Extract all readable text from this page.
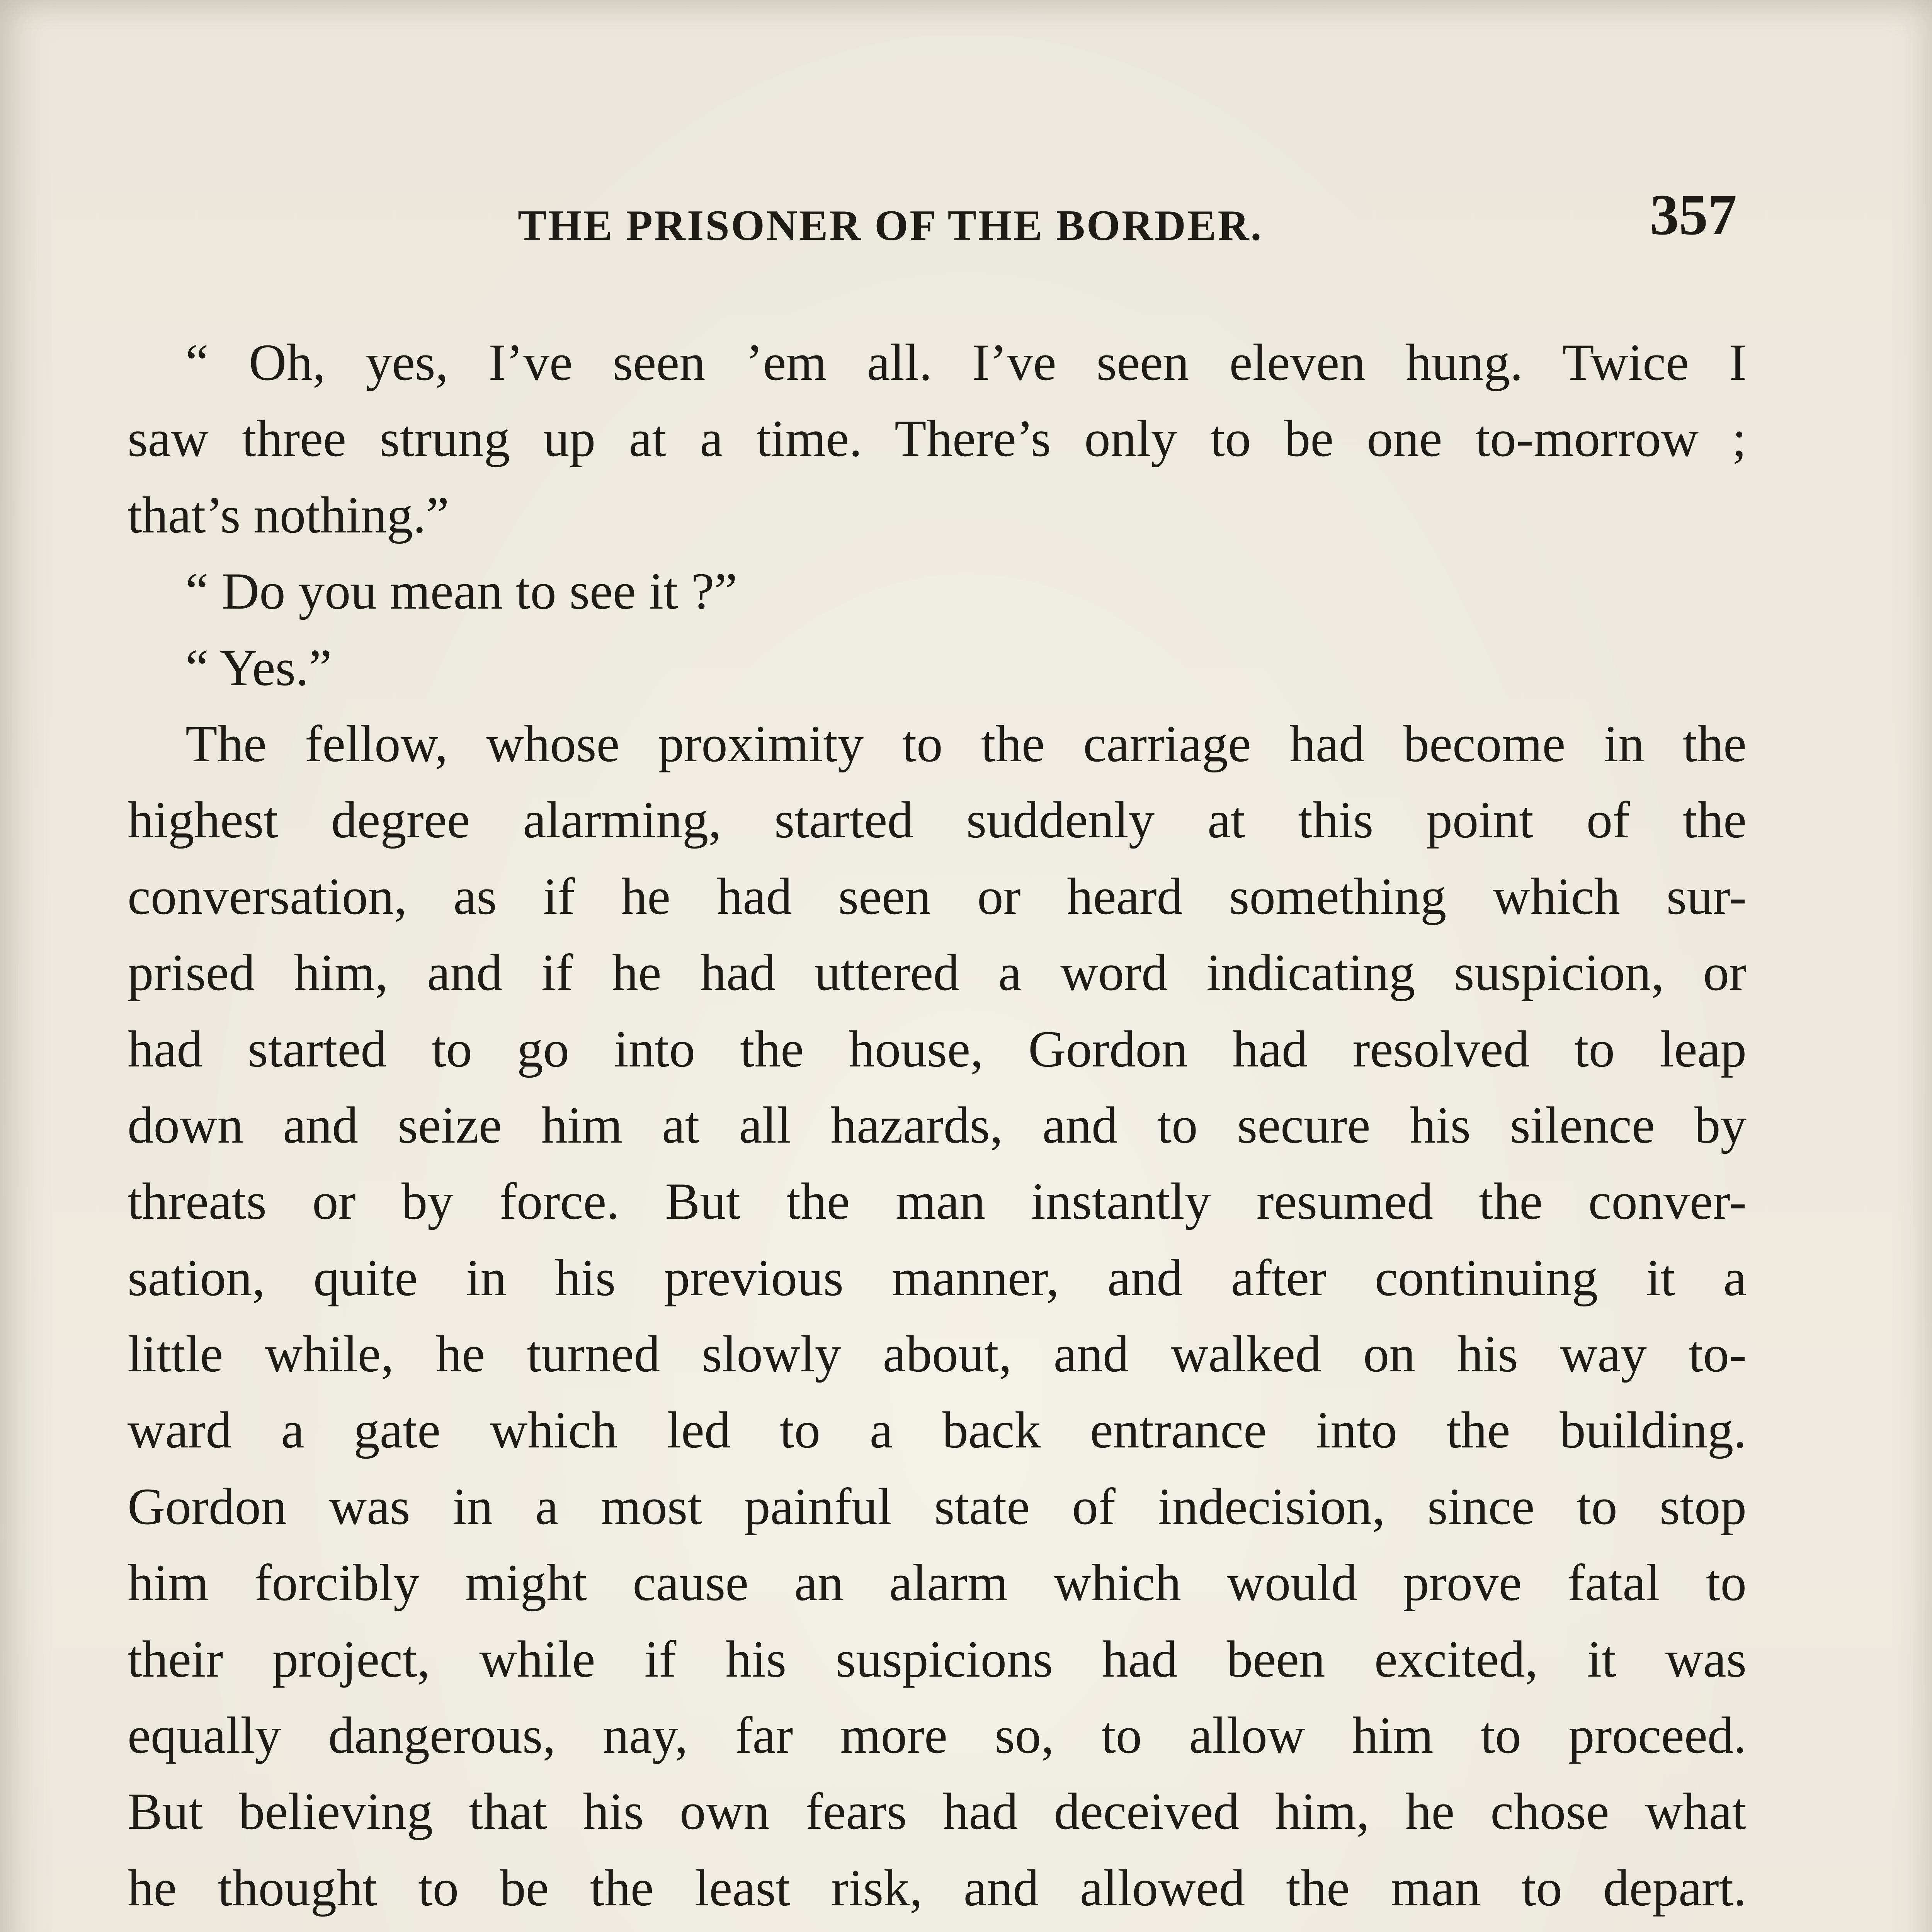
THE PRISONER OF THE BORDER.	357
“ Oh, yes, I’ve seen ’em all. I’ve seen eleven hung. Twice I
saw three strung up at a time. There’s only to be one to-morrow ;
that’s nothing.”
“ Do you mean to see it ?”
“ Yes.”
The fellow, whose proximity to the carriage had become in the
highest degree alarming, started suddenly at this point of the
conversation, as if he had seen or heard something which sur-
prised him, and if he had uttered a word indicating suspicion, or
had started to go into the house, Gordon had resolved to leap
down and seize him at all hazards, and to secure his silence by
threats or by force. But the man instantly resumed the conver-
sation, quite in his previous manner, and after continuing it a
little while, he turned slowly about, and walked on his way to-
ward a gate which led to a back entrance into the building.
Gordon was in a most painful state of indecision, since to stop
him forcibly might cause an alarm which would prove fatal to
their project, while if his suspicions had been excited, it was
equally dangerous, nay, far more so, to allow him to proceed.
But believing that his own fears had deceived him, he chose what
he thought to be the least risk, and allowed the man to depart.
